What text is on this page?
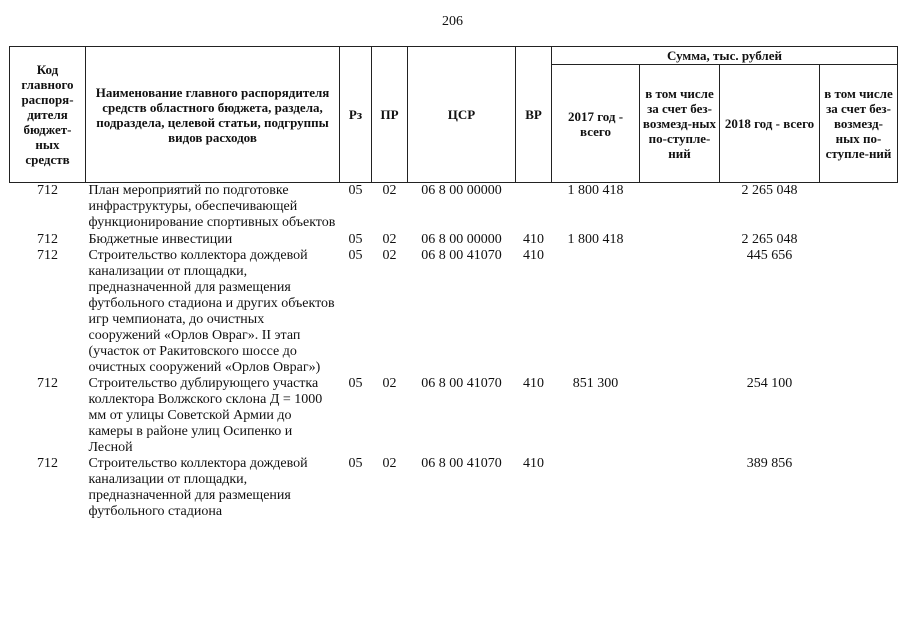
206
Код главного распоря-дителя бюджет-ных средств	Наименование главного распорядителя средств областного бюджета, раздела, подраздела, целевой статьи, подгруппы видов расходов	Рз	ПР	ЦСР	ВР	Сумма, тыс. рублей			
						2017 год - всего	в том числе за счет без-возмезд-ных по-ступле-ний	2018 год - всего	в том числе за счет без-возмезд-ных по-ступле-ний
712	План мероприятий по подготовке инфраструктуры, обеспечивающей функционирование спортивных объектов	05	02	06 8 00 00000		1 800 418		2 265 048	
712	Бюджетные инвестиции	05	02	06 8 00 00000	410	1 800 418		2 265 048	
712	Строительство коллектора дождевой канализации от площадки, предназначенной для размещения футбольного стадиона и других объектов игр чемпионата, до очистных сооружений «Орлов Овраг». II этап (участок от Ракитовского шоссе до очистных сооружений «Орлов Овраг»)	05	02	06 8 00 41070	410			445 656	
712	Строительство дублирующего участка коллектора Волжского склона Д = 1000 мм от улицы Советской Армии до камеры в районе улиц Осипенко и Лесной	05	02	06 8 00 41070	410	851 300		254 100	
712	Строительство коллектора дождевой канализации от площадки, предназначенной для размещения футбольного стадиона	05	02	06 8 00 41070	410			389 856	
